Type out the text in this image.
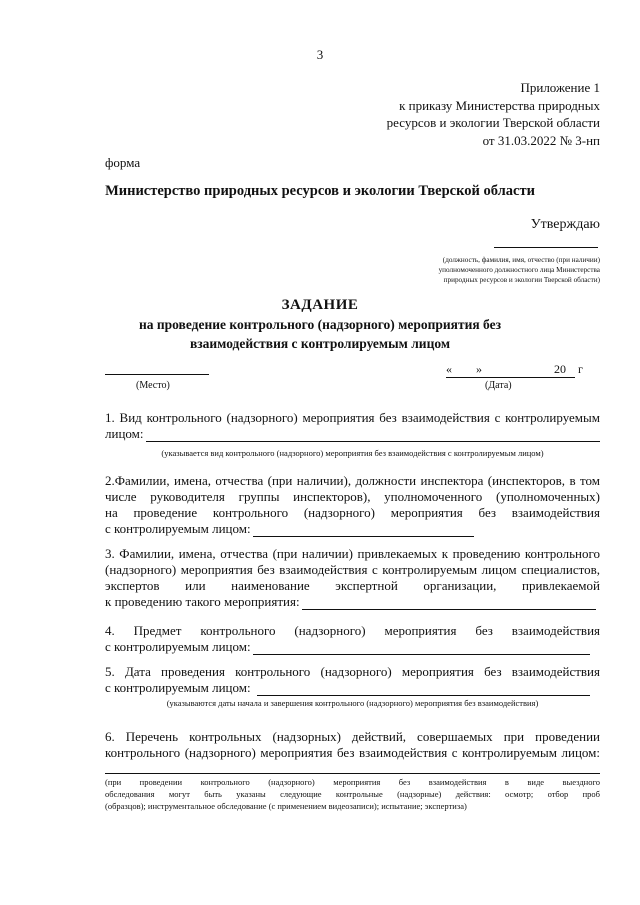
3
Приложение 1
к приказу Министерства природных
ресурсов и экологии Тверской области
от 31.03.2022 № 3-нп
форма
Министерство природных ресурсов и экологии Тверской области
Утверждаю
(должность, фамилия, имя, отчество (при наличии)
уполномоченного должностного лица Министерства
природных ресурсов и экологии Тверской области)
ЗАДАНИЕ
на проведение контрольного (надзорного) мероприятия без
взаимодействия с контролируемым лицом
(Место)
« »	20 г
(Дата)
1. Вид контрольного (надзорного) мероприятия без взаимодействия с контролируемым
лицом:
(указывается вид контрольного (надзорного) мероприятия без взаимодействия с контролируемым лицом)
2.Фамилии, имена, отчества (при наличии), должности инспектора (инспекторов, в том
числе руководителя группы инспекторов), уполномоченного (уполномоченных)
на проведение контрольного (надзорного) мероприятия без взаимодействия
с контролируемым лицом:
3. Фамилии, имена, отчества (при наличии) привлекаемых к проведению контрольного
(надзорного) мероприятия без взаимодействия с контролируемым лицом специалистов,
экспертов или наименование экспертной организации, привлекаемой
к проведению такого мероприятия:
4. Предмет контрольного (надзорного) мероприятия без взаимодействия
с контролируемым лицом:
5. Дата проведения контрольного (надзорного) мероприятия без взаимодействия
с контролируемым лицом:
(указываются даты начала и завершения контрольного (надзорного) мероприятия без взаимодействия)
6. Перечень контрольных (надзорных) действий, совершаемых при проведении
контрольного (надзорного) мероприятия без взаимодействия с контролируемым лицом:
(при проведении контрольного (надзорного) мероприятия без взаимодействия в виде выездного
обследования могут быть указаны следующие контрольные (надзорные) действия: осмотр; отбор проб
(образцов); инструментальное обследование (с применением видеозаписи); испытание; экспертиза)
